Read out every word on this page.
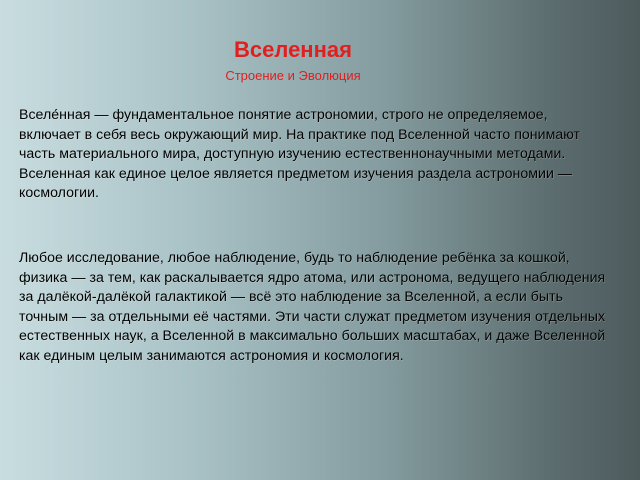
Вселенная

Строение и Эволюция

Вселе́нная — фундаментальное понятие астрономии, строго не определяемое, включает в себя весь окружающий мир. На практике под Вселенной часто понимают часть материального мира, доступную изучению естественнонаучными методами. Вселенная как единое целое является предметом изучения раздела астрономии — космологии.

Любое исследование, любое наблюдение, будь то наблюдение ребёнка за кошкой, физика — за тем, как раскалывается ядро атома, или астронома, ведущего наблюдения за далёкой-далёкой галактикой — всё это наблюдение за Вселенной, а если быть точным — за отдельными её частями. Эти части служат предметом изучения отдельных естественных наук, а Вселенной в максимально больших масштабах, и даже Вселенной как единым целым занимаются астрономия и космология.
